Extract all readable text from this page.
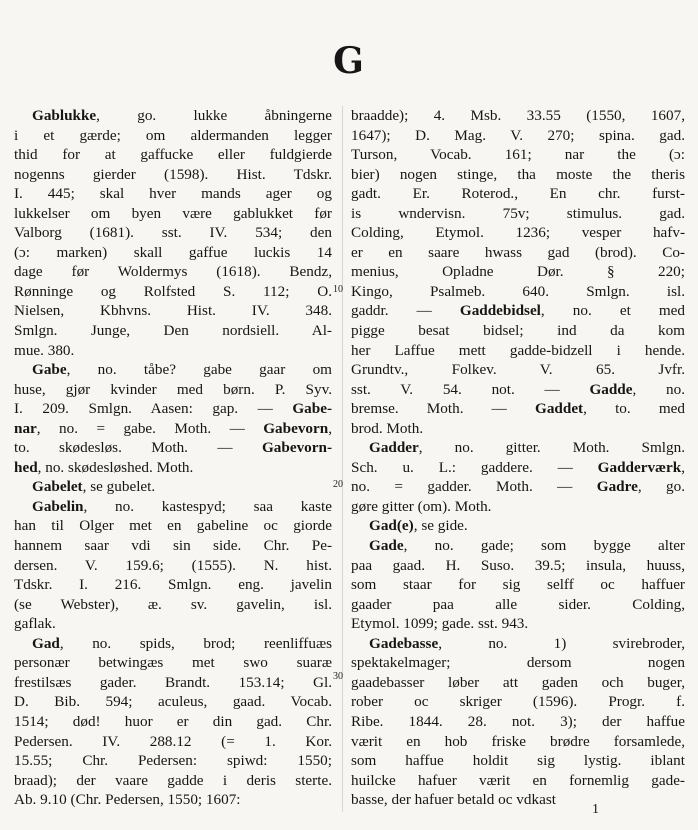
G
Gablukke, go. lukke åbningerne
i et gærde; om aldermanden legger
thid for at gaffucke eller fuldgierde
nogenns gierder (1598). Hist. Tdskr.
I. 445; skal hver mands ager og
lukkelser om byen være gablukket før
Valborg (1681). sst. IV. 534; den
(ɔ: marken) skall gaffue luckis 14
dage før Woldermys (1618). Bendz,
Rønninge og Rolfsted S. 112; O.
Nielsen, Kbhvns. Hist. IV. 348.
Smlgn. Junge, Den nordsiell. Al-
mue. 380.
Gabe, no. tåbe? gabe gaar om
huse, gjør kvinder med børn. P. Syv.
I. 209. Smlgn. Aasen: gap. — Gabe-
nar, no. = gabe. Moth. — Gabevorn,
to. skødesløs. Moth. — Gabevorn-
hed, no. skødesløshed. Moth.
Gabelet, se gubelet.
Gabelin, no. kastespyd; saa kaste
han til Olger met en gabeline oc giorde
hannem saar vdi sin side. Chr. Pe-
dersen. V. 159.6; (1555). N. hist.
Tdskr. I. 216. Smlgn. eng. javelin
(se Webster), æ. sv. gavelin, isl.
gaflak.
Gad, no. spids, brod; reenliffuæs
personær betwingæs met swo suaræ
frestilsæs gader. Brandt. 153.14; Gl.
D. Bib. 594; aculeus, gaad. Vocab.
1514; død! huor er din gad. Chr.
Pedersen. IV. 288.12 (= 1. Kor.
15.55; Chr. Pedersen: spiwd: 1550;
braad); der vaare gadde i deris sterte.
Ab. 9.10 (Chr. Pedersen, 1550; 1607:
braadde); 4. Msb. 33.55 (1550, 1607,
1647); D. Mag. V. 270; spina. gad.
Turson, Vocab. 161; nar the (ɔ:
bier) nogen stinge, tha moste the theris
gadt. Er. Roterod., En chr. furst-
is wndervisn. 75v; stimulus. gad.
Colding, Etymol. 1236; vesper hafv-
er en saare hwass gad (brod). Co-
menius, Opladne Dør. § 220;
Kingo, Psalmeb. 640. Smlgn. isl.
gaddr. — Gaddebidsel, no. et med
pigge besat bidsel; ind da kom
her Laffue mett gadde-bidzell i hende.
Grundtv., Folkev. V. 65. Jvfr.
sst. V. 54. not. — Gadde, no.
bremse. Moth. — Gaddet, to. med
brod. Moth.
Gadder, no. gitter. Moth. Smlgn.
Sch. u. L.: gaddere. — Gadderværk,
no. = gadder. Moth. — Gadre, go.
gøre gitter (om). Moth.
Gad(e), se gide.
Gade, no. gade; som bygge alter
paa gaad. H. Suso. 39.5; insula, huuss,
som staar for sig selff oc haffuer
gaader paa alle sider. Colding,
Etymol. 1099; gade. sst. 943.
Gadebasse, no. 1) svirebroder,
spektakelmager; dersom nogen
gaadebasser løber att gaden och buger,
rober oc skriger (1596). Progr. f.
Ribe. 1844. 28. not. 3); der haffue
værit en hob friske brødre forsamlede,
som haffue holdit sig lystig. iblant
huilcke hafuer værit en fornemlig gade-
basse, der hafuer betald oc vdkast
10
20
30
1
